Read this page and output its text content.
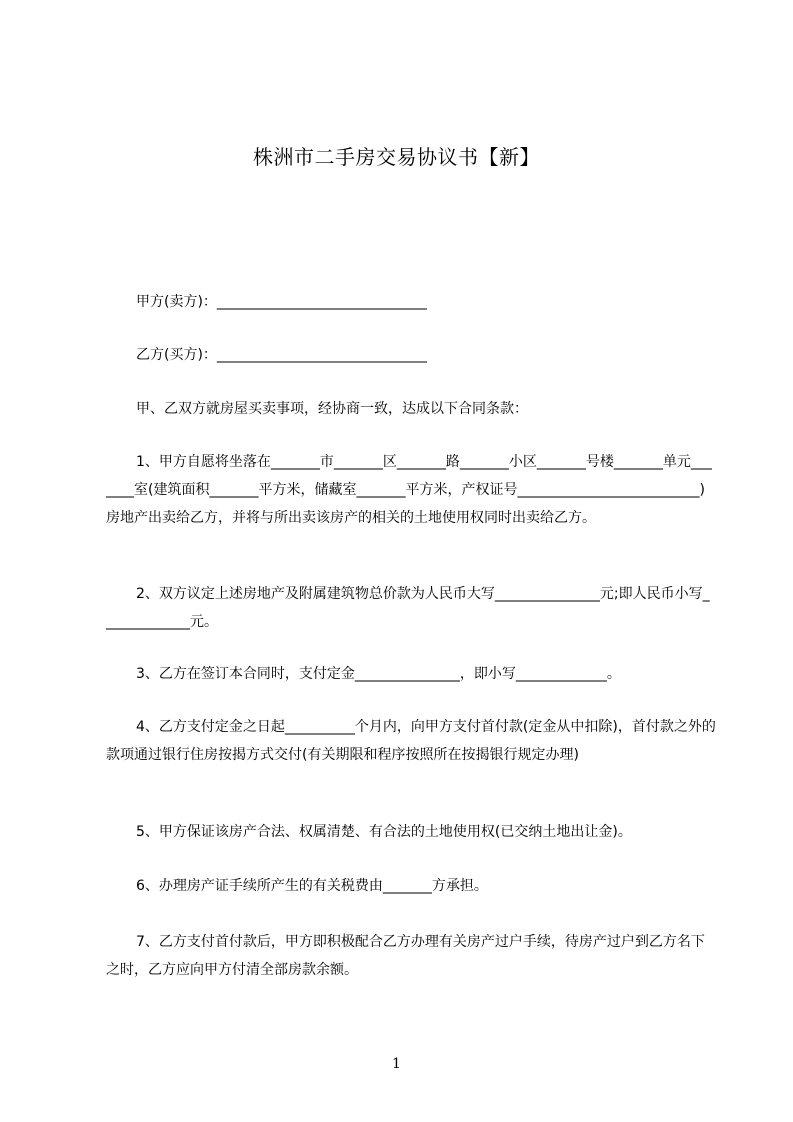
株洲市二手房交易协议书【新】

甲方(卖方)：______________________________

乙方(买方)：______________________________

甲、乙双方就房屋买卖事项，经协商一致，达成以下合同条款：

1、甲方自愿将坐落在_______市_______区_______路_______小区_______号楼_______单元_______室(建筑面积_______平方米，储藏室_______平方米，产权证号__________________________)房地产出卖给乙方，并将与所出卖该房产的相关的土地使用权同时出卖给乙方。

2、双方议定上述房地产及附属建筑物总价款为人民币大写_______________元;即人民币小写_____________元。

3、乙方在签订本合同时，支付定金_______________，即小写_____________。

4、乙方支付定金之日起__________个月内，向甲方支付首付款(定金从中扣除)，首付款之外的款项通过银行住房按揭方式交付(有关期限和程序按照所在按揭银行规定办理)

5、甲方保证该房产合法、权属清楚、有合法的土地使用权(已交纳土地出让金)。

6、办理房产证手续所产生的有关税费由_______方承担。

7、乙方支付首付款后，甲方即积极配合乙方办理有关房产过户手续，待房产过户到乙方名下之时，乙方应向甲方付清全部房款余额。

1
